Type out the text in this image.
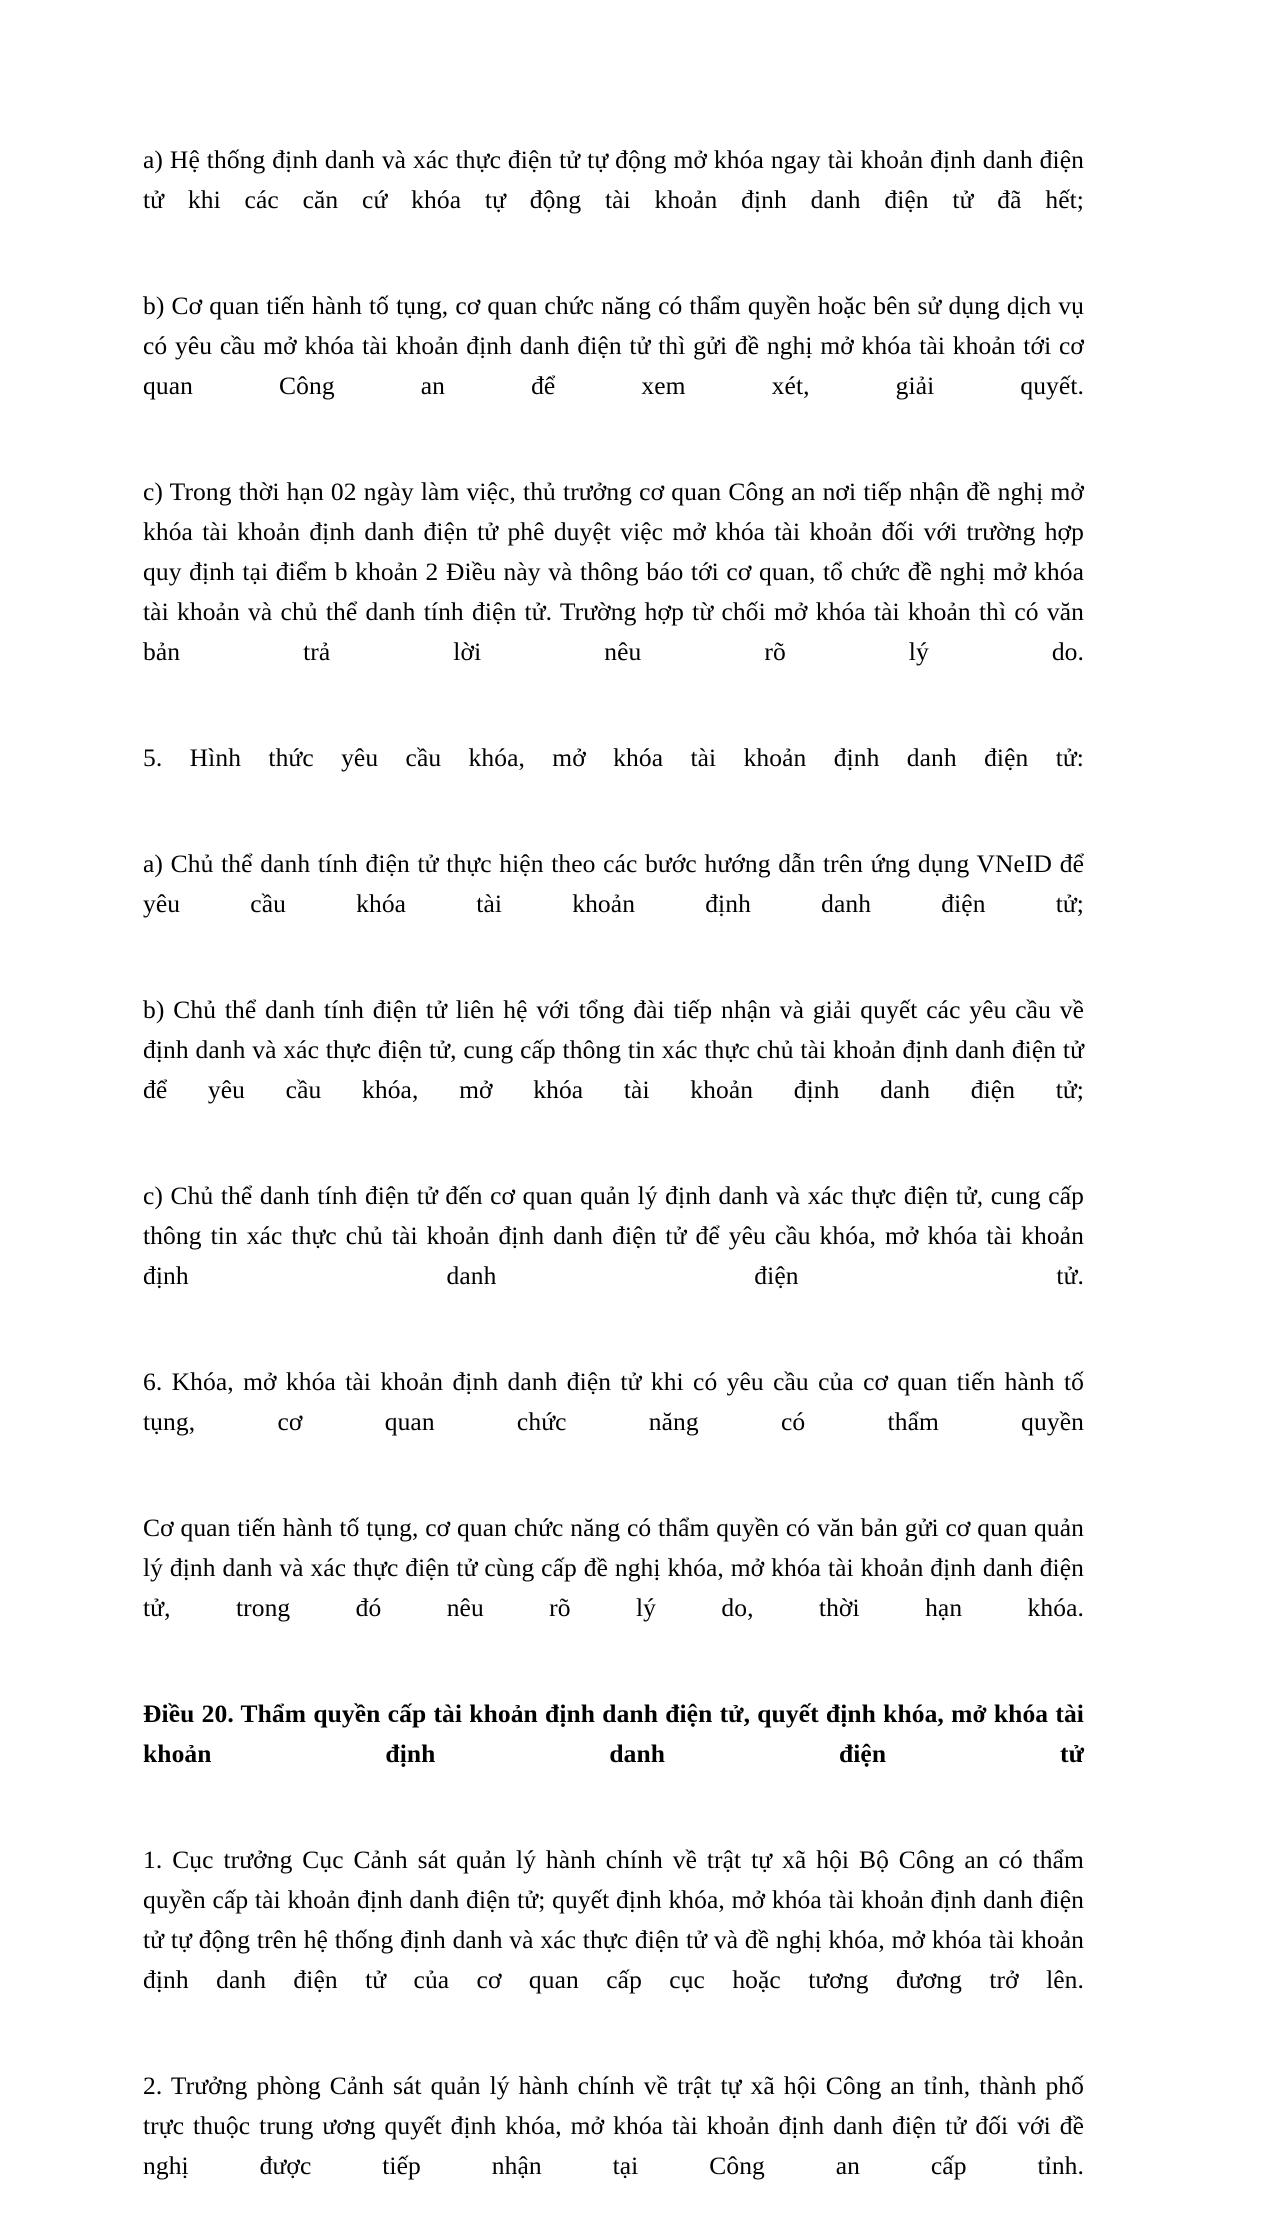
a) Hệ thống định danh và xác thực điện tử tự động mở khóa ngay tài khoản định danh điện tử khi các căn cứ khóa tự động tài khoản định danh điện tử đã hết;

b) Cơ quan tiến hành tố tụng, cơ quan chức năng có thẩm quyền hoặc bên sử dụng dịch vụ có yêu cầu mở khóa tài khoản định danh điện tử thì gửi đề nghị mở khóa tài khoản tới cơ quan Công an để xem xét, giải quyết.

c) Trong thời hạn 02 ngày làm việc, thủ trưởng cơ quan Công an nơi tiếp nhận đề nghị mở khóa tài khoản định danh điện tử phê duyệt việc mở khóa tài khoản đối với trường hợp quy định tại điểm b khoản 2 Điều này và thông báo tới cơ quan, tổ chức đề nghị mở khóa tài khoản và chủ thể danh tính điện tử. Trường hợp từ chối mở khóa tài khoản thì có văn bản trả lời nêu rõ lý do.

5. Hình thức yêu cầu khóa, mở khóa tài khoản định danh điện tử:

a) Chủ thể danh tính điện tử thực hiện theo các bước hướng dẫn trên ứng dụng VNeID để yêu cầu khóa tài khoản định danh điện tử;

b) Chủ thể danh tính điện tử liên hệ với tổng đài tiếp nhận và giải quyết các yêu cầu về định danh và xác thực điện tử, cung cấp thông tin xác thực chủ tài khoản định danh điện tử để yêu cầu khóa, mở khóa tài khoản định danh điện tử;

c) Chủ thể danh tính điện tử đến cơ quan quản lý định danh và xác thực điện tử, cung cấp thông tin xác thực chủ tài khoản định danh điện tử để yêu cầu khóa, mở khóa tài khoản định danh điện tử.

6. Khóa, mở khóa tài khoản định danh điện tử khi có yêu cầu của cơ quan tiến hành tố tụng, cơ quan chức năng có thẩm quyền

Cơ quan tiến hành tố tụng, cơ quan chức năng có thẩm quyền có văn bản gửi cơ quan quản lý định danh và xác thực điện tử cùng cấp đề nghị khóa, mở khóa tài khoản định danh điện tử, trong đó nêu rõ lý do, thời hạn khóa.

Điều 20. Thẩm quyền cấp tài khoản định danh điện tử, quyết định khóa, mở khóa tài khoản định danh điện tử

1. Cục trưởng Cục Cảnh sát quản lý hành chính về trật tự xã hội Bộ Công an có thẩm quyền cấp tài khoản định danh điện tử; quyết định khóa, mở khóa tài khoản định danh điện tử tự động trên hệ thống định danh và xác thực điện tử và đề nghị khóa, mở khóa tài khoản định danh điện tử của cơ quan cấp cục hoặc tương đương trở lên.

2. Trưởng phòng Cảnh sát quản lý hành chính về trật tự xã hội Công an tỉnh, thành phố trực thuộc trung ương quyết định khóa, mở khóa tài khoản định danh điện tử đối với đề nghị được tiếp nhận tại Công an cấp tỉnh.
